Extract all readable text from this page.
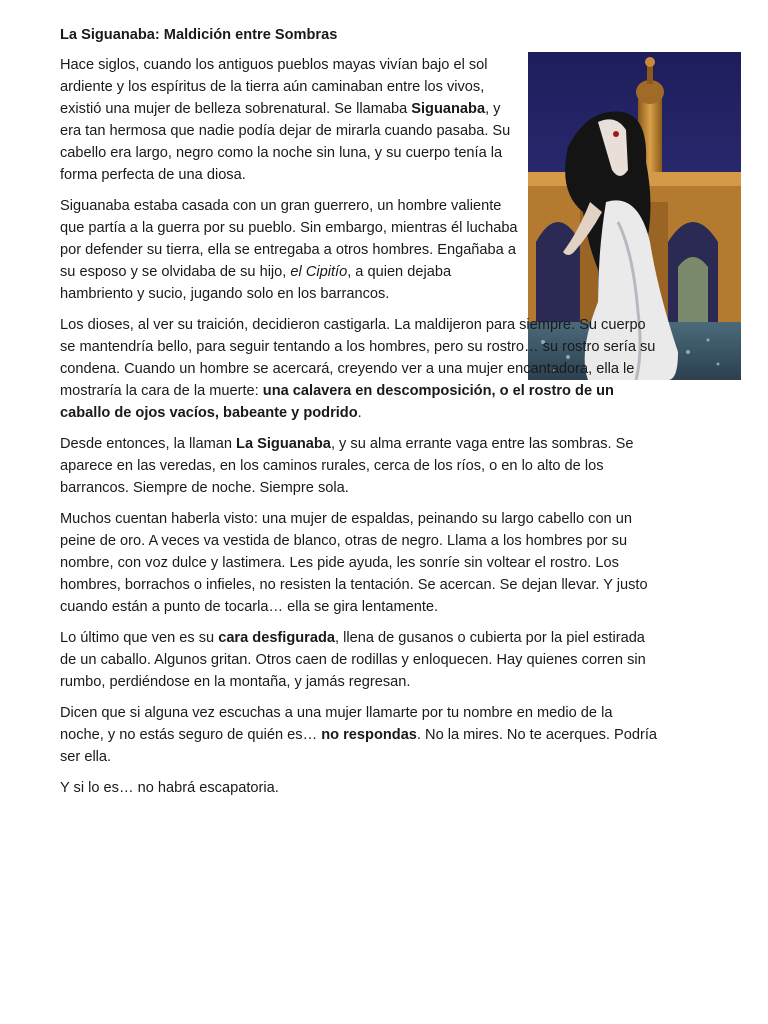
La Siguanaba: Maldición entre Sombras

Hace siglos, cuando los antiguos pueblos mayas vivían bajo el sol ardiente y los espíritus de la tierra aún caminaban entre los vivos, existió una mujer de belleza sobrenatural. Se llamaba Siguanaba, y era tan hermosa que nadie podía dejar de mirarla cuando pasaba. Su cabello era largo, negro como la noche sin luna, y su cuerpo tenía la forma perfecta de una diosa.

Siguanaba estaba casada con un gran guerrero, un hombre valiente que partía a la guerra por su pueblo. Sin embargo, mientras él luchaba por defender su tierra, ella se entregaba a otros hombres. Engañaba a su esposo y se olvidaba de su hijo, el Cipitío, a quien dejaba hambriento y sucio, jugando solo en los barrancos.

Los dioses, al ver su traición, decidieron castigarla. La maldijeron para siempre. Su cuerpo se mantendría bello, para seguir tentando a los hombres, pero su rostro… su rostro sería su condena. Cuando un hombre se acercará, creyendo ver a una mujer encantadora, ella le mostraría la cara de la muerte: una calavera en descomposición, o el rostro de un caballo de ojos vacíos, babeante y podrido.

Desde entonces, la llaman La Siguanaba, y su alma errante vaga entre las sombras. Se aparece en las veredas, en los caminos rurales, cerca de los ríos, o en lo alto de los barrancos. Siempre de noche. Siempre sola.

Muchos cuentan haberla visto: una mujer de espaldas, peinando su largo cabello con un peine de oro. A veces va vestida de blanco, otras de negro. Llama a los hombres por su nombre, con voz dulce y lastimera. Les pide ayuda, les sonríe sin voltear el rostro. Los hombres, borrachos o infieles, no resisten la tentación. Se acercan. Se dejan llevar. Y justo cuando están a punto de tocarla… ella se gira lentamente.

Lo último que ven es su cara desfigurada, llena de gusanos o cubierta por la piel estirada de un caballo. Algunos gritan. Otros caen de rodillas y enloquecen. Hay quienes corren sin rumbo, perdiéndose en la montaña, y jamás regresan.

Dicen que si alguna vez escuchas a una mujer llamarte por tu nombre en medio de la noche, y no estás seguro de quién es… no respondas. No la mires. No te acerques. Podría ser ella.

Y si lo es… no habrá escapatoria.
